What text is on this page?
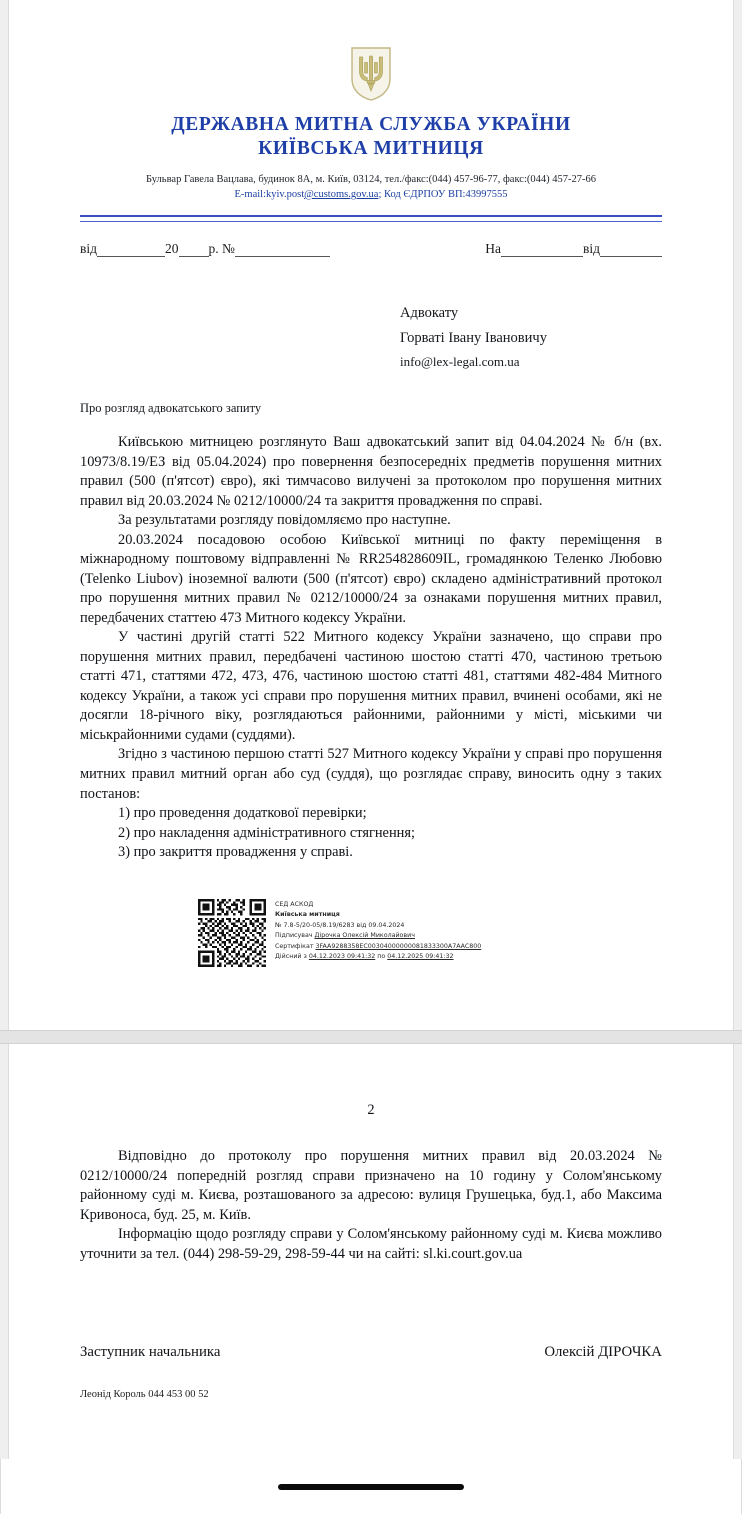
ДЕРЖАВНА МИТНА СЛУЖБА УКРАЇНИ
КИЇВСЬКА МИТНИЦЯ
Бульвар Гавела Вацлава, будинок 8А, м. Київ, 03124, тел./факс:(044) 457-96-77, факс:(044) 457-27-66
E-mail:kyiv.post@customs.gov.ua; Код ЄДРПОУ ВП:43997555
від	20 р. №	На	від
Адвокату
Горваті Івану Івановичу
info@lex-legal.com.ua
Про розгляд адвокатського запиту

Київською митницею розглянуто Ваш адвокатський запит від 04.04.2024 № б/н (вх. 10973/8.19/ЕЗ від 05.04.2024) про повернення безпосередніх предметів порушення митних правил (500 (п'ятсот) євро), які тимчасово вилучені за протоколом про порушення митних правил від 20.03.2024 № 0212/10000/24 та закриття провадження по справі.

За результатами розгляду повідомляємо про наступне.

20.03.2024 посадовою особою Київської митниці по факту переміщення в міжнародному поштовому відправленні № RR254828609IL, громадянкою Теленко Любовю (Telenko Liubov) іноземної валюти (500 (п'ятсот) євро) складено адміністративний протокол про порушення митних правил № 0212/10000/24 за ознаками порушення митних правил, передбачених статтею 473 Митного кодексу України.

У частині другій статті 522 Митного кодексу України зазначено, що справи про порушення митних правил, передбачені частиною шостою статті 470, частиною третьою статті 471, статтями 472, 473, 476, частиною шостою статті 481, статтями 482-484 Митного кодексу України, а також усі справи про порушення митних правил, вчинені особами, які не досягли 18-річного віку, розглядаються районними, районними у місті, міськими чи міськрайонними судами (суддями).

Згідно з частиною першою статті 527 Митного кодексу України у справі про порушення митних правил митний орган або суд (суддя), що розглядає справу, виносить одну з таких постанов:

1) про проведення додаткової перевірки;
2) про накладення адміністративного стягнення;
3) про закриття провадження у справі.
СЕД АСКОД
Київська митниця
№ 7.8-5/20-05/8.19/6283 від 09.04.2024
Підписувач Дірочка Олексій Миколайович
Сертифікат 3FAA9288358EC00304000000081833300A7AAC800
Дійсний з 04.12.2023 09:41:32 по 04.12.2025 09:41:32
2

Відповідно до протоколу про порушення митних правил від 20.03.2024 № 0212/10000/24 попередній розгляд справи призначено на 10 годину у Солом'янському районному суді м. Києва, розташованого за адресою: вулиця Грушецька, буд.1, або Максима Кривоноса, буд. 25, м. Київ.

Інформацію щодо розгляду справи у Солом'янському районному суді м. Києва можливо уточнити за тел. (044) 298-59-29, 298-59-44 чи на сайті: sl.ki.court.gov.ua

Заступник начальника	Олексій ДІРОЧКА
Леонід Король 044 453 00 52
